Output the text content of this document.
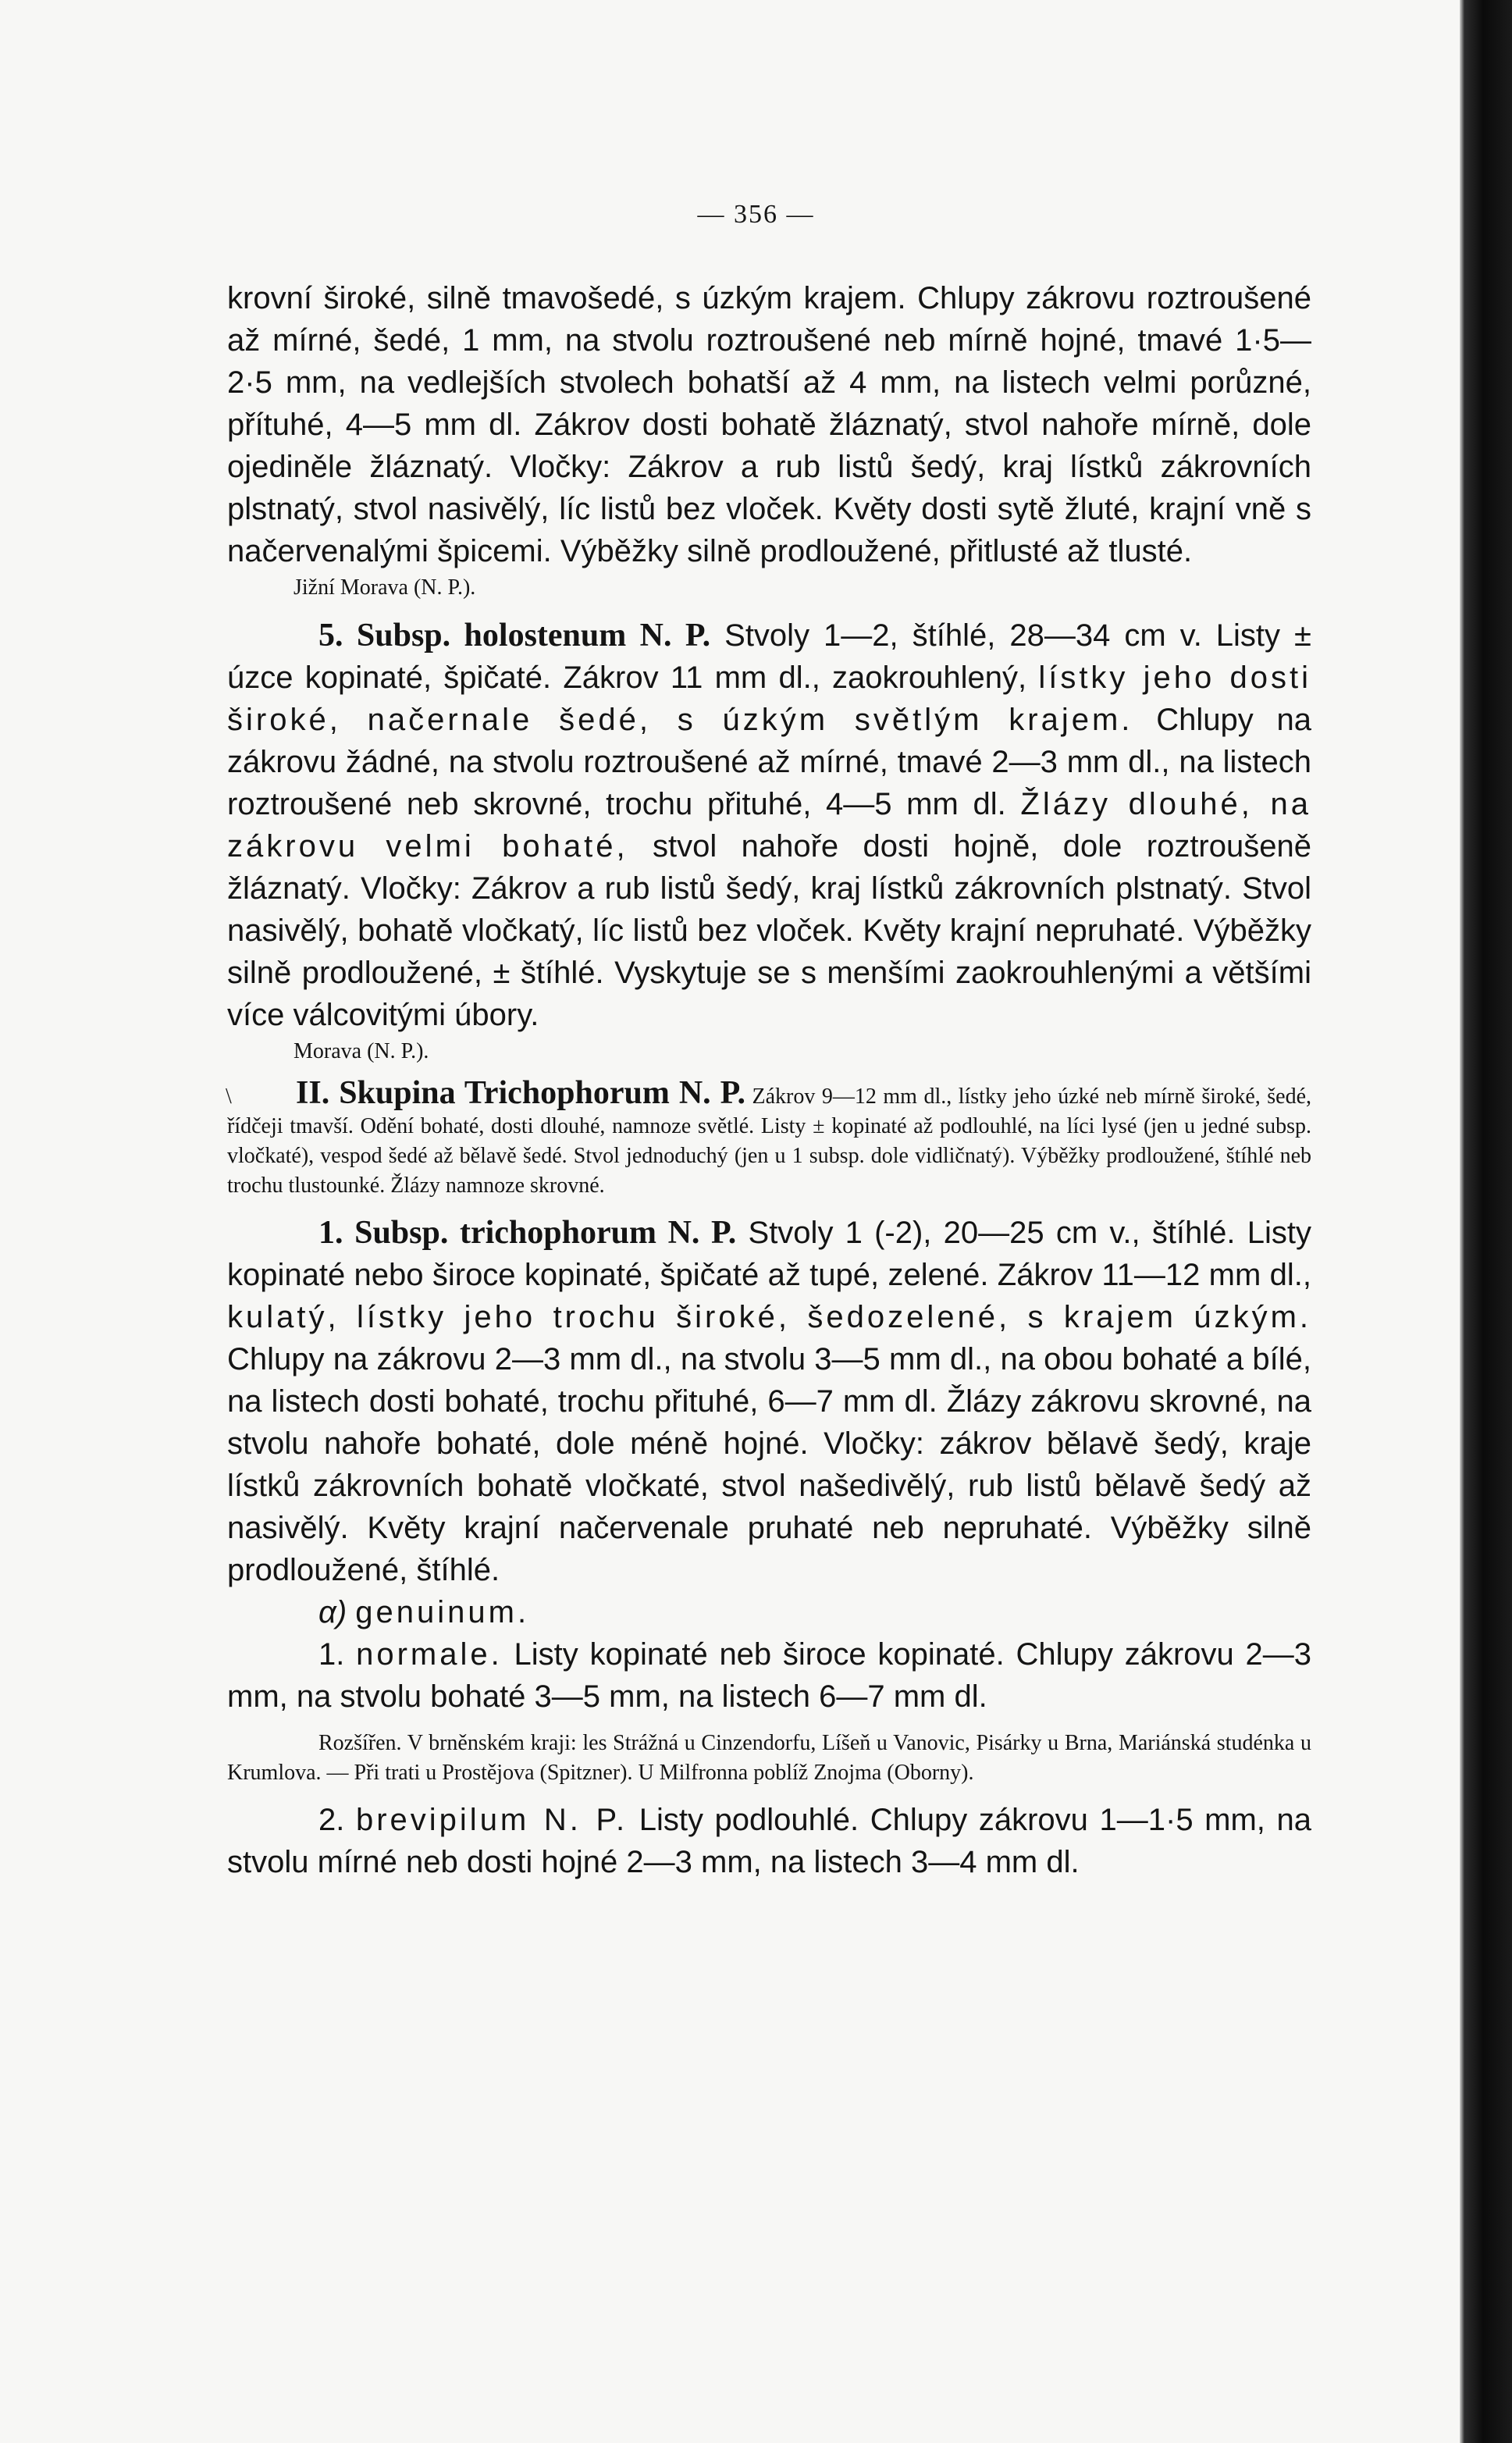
— 356 —

krovní široké, silně tmavošedé, s úzkým krajem. Chlupy zákrovu roztroušené až mírné, šedé, 1 mm, na stvolu roztroušené neb mírně hojné, tmavé 1·5—2·5 mm, na vedlejších stvolech bohatší až 4 mm, na listech velmi porůzné, přítuhé, 4—5 mm dl. Zákrov dosti bohatě žláznatý, stvol nahoře mírně, dole ojediněle žláznatý. Vločky: Zákrov a rub listů šedý, kraj lístků zákrovních plstnatý, stvol nasivělý, líc listů bez vloček. Květy dosti sytě žluté, krajní vně s načervenalými špicemi. Výběžky silně prodloužené, přitlusté až tlusté.

Jižní Morava (N. P.).

5. Subsp. holostenum N. P. Stvoly 1—2, štíhlé, 28—34 cm v. Listy ± úzce kopinaté, špičaté. Zákrov 11 mm dl., zaokrouhlený, lístky jeho dosti široké, načernale šedé, s úzkým světlým krajem. Chlupy na zákrovu žádné, na stvolu roztroušené až mírné, tmavé 2—3 mm dl., na listech roztroušené neb skrovné, trochu přituhé, 4—5 mm dl. Žlázy dlouhé, na zákrovu velmi bohaté, stvol nahoře dosti hojně, dole roztroušeně žláznatý. Vločky: Zákrov a rub listů šedý, kraj lístků zákrovních plstnatý. Stvol nasivělý, bohatě vločkatý, líc listů bez vloček. Květy krajní nepruhaté. Výběžky silně prodloužené, ± štíhlé. Vyskytuje se s menšími zaokrouhlenými a většími více válcovitými úbory.

Morava (N. P.).

\ II. Skupina Trichophorum N. P. Zákrov 9—12 mm dl., lístky jeho úzké neb mírně široké, šedé, řídčeji tmavší. Odění bohaté, dosti dlouhé, namnoze světlé. Listy ± kopinaté až podlouhlé, na líci lysé (jen u jedné subsp. vločkaté), vespod šedé až bělavě šedé. Stvol jednoduchý (jen u 1 subsp. dole vidličnatý). Výběžky prodloužené, štíhlé neb trochu tlustounké. Žlázy namnoze skrovné.

1. Subsp. trichophorum N. P. Stvoly 1 (-2), 20—25 cm v., štíhlé. Listy kopinaté nebo široce kopinaté, špičaté až tupé, zelené. Zákrov 11—12 mm dl., kulatý, lístky jeho trochu široké, šedozelené, s krajem úzkým. Chlupy na zákrovu 2—3 mm dl., na stvolu 3—5 mm dl., na obou bohaté a bílé, na listech dosti bohaté, trochu přituhé, 6—7 mm dl. Žlázy zákrovu skrovné, na stvolu nahoře bohaté, dole méně hojné. Vločky: zákrov bělavě šedý, kraje lístků zákrovních bohatě vločkaté, stvol našedivělý, rub listů bělavě šedý až nasivělý. Květy krajní načervenale pruhaté neb nepruhaté. Výběžky silně prodloužené, štíhlé.

α) genuinum.

1. normale. Listy kopinaté neb široce kopinaté. Chlupy zákrovu 2—3 mm, na stvolu bohaté 3—5 mm, na listech 6—7 mm dl.

Rozšířen. V brněnském kraji: les Strážná u Cinzendorfu, Líšeň u Vanovic, Pisárky u Brna, Mariánská studénka u Krumlova. — Při trati u Prostějova (Spitzner). U Milfronna poblíž Znojma (Oborny).

2. brevipilum N. P. Listy podlouhlé. Chlupy zákrovu 1—1·5 mm, na stvolu mírné neb dosti hojné 2—3 mm, na listech 3—4 mm dl.
